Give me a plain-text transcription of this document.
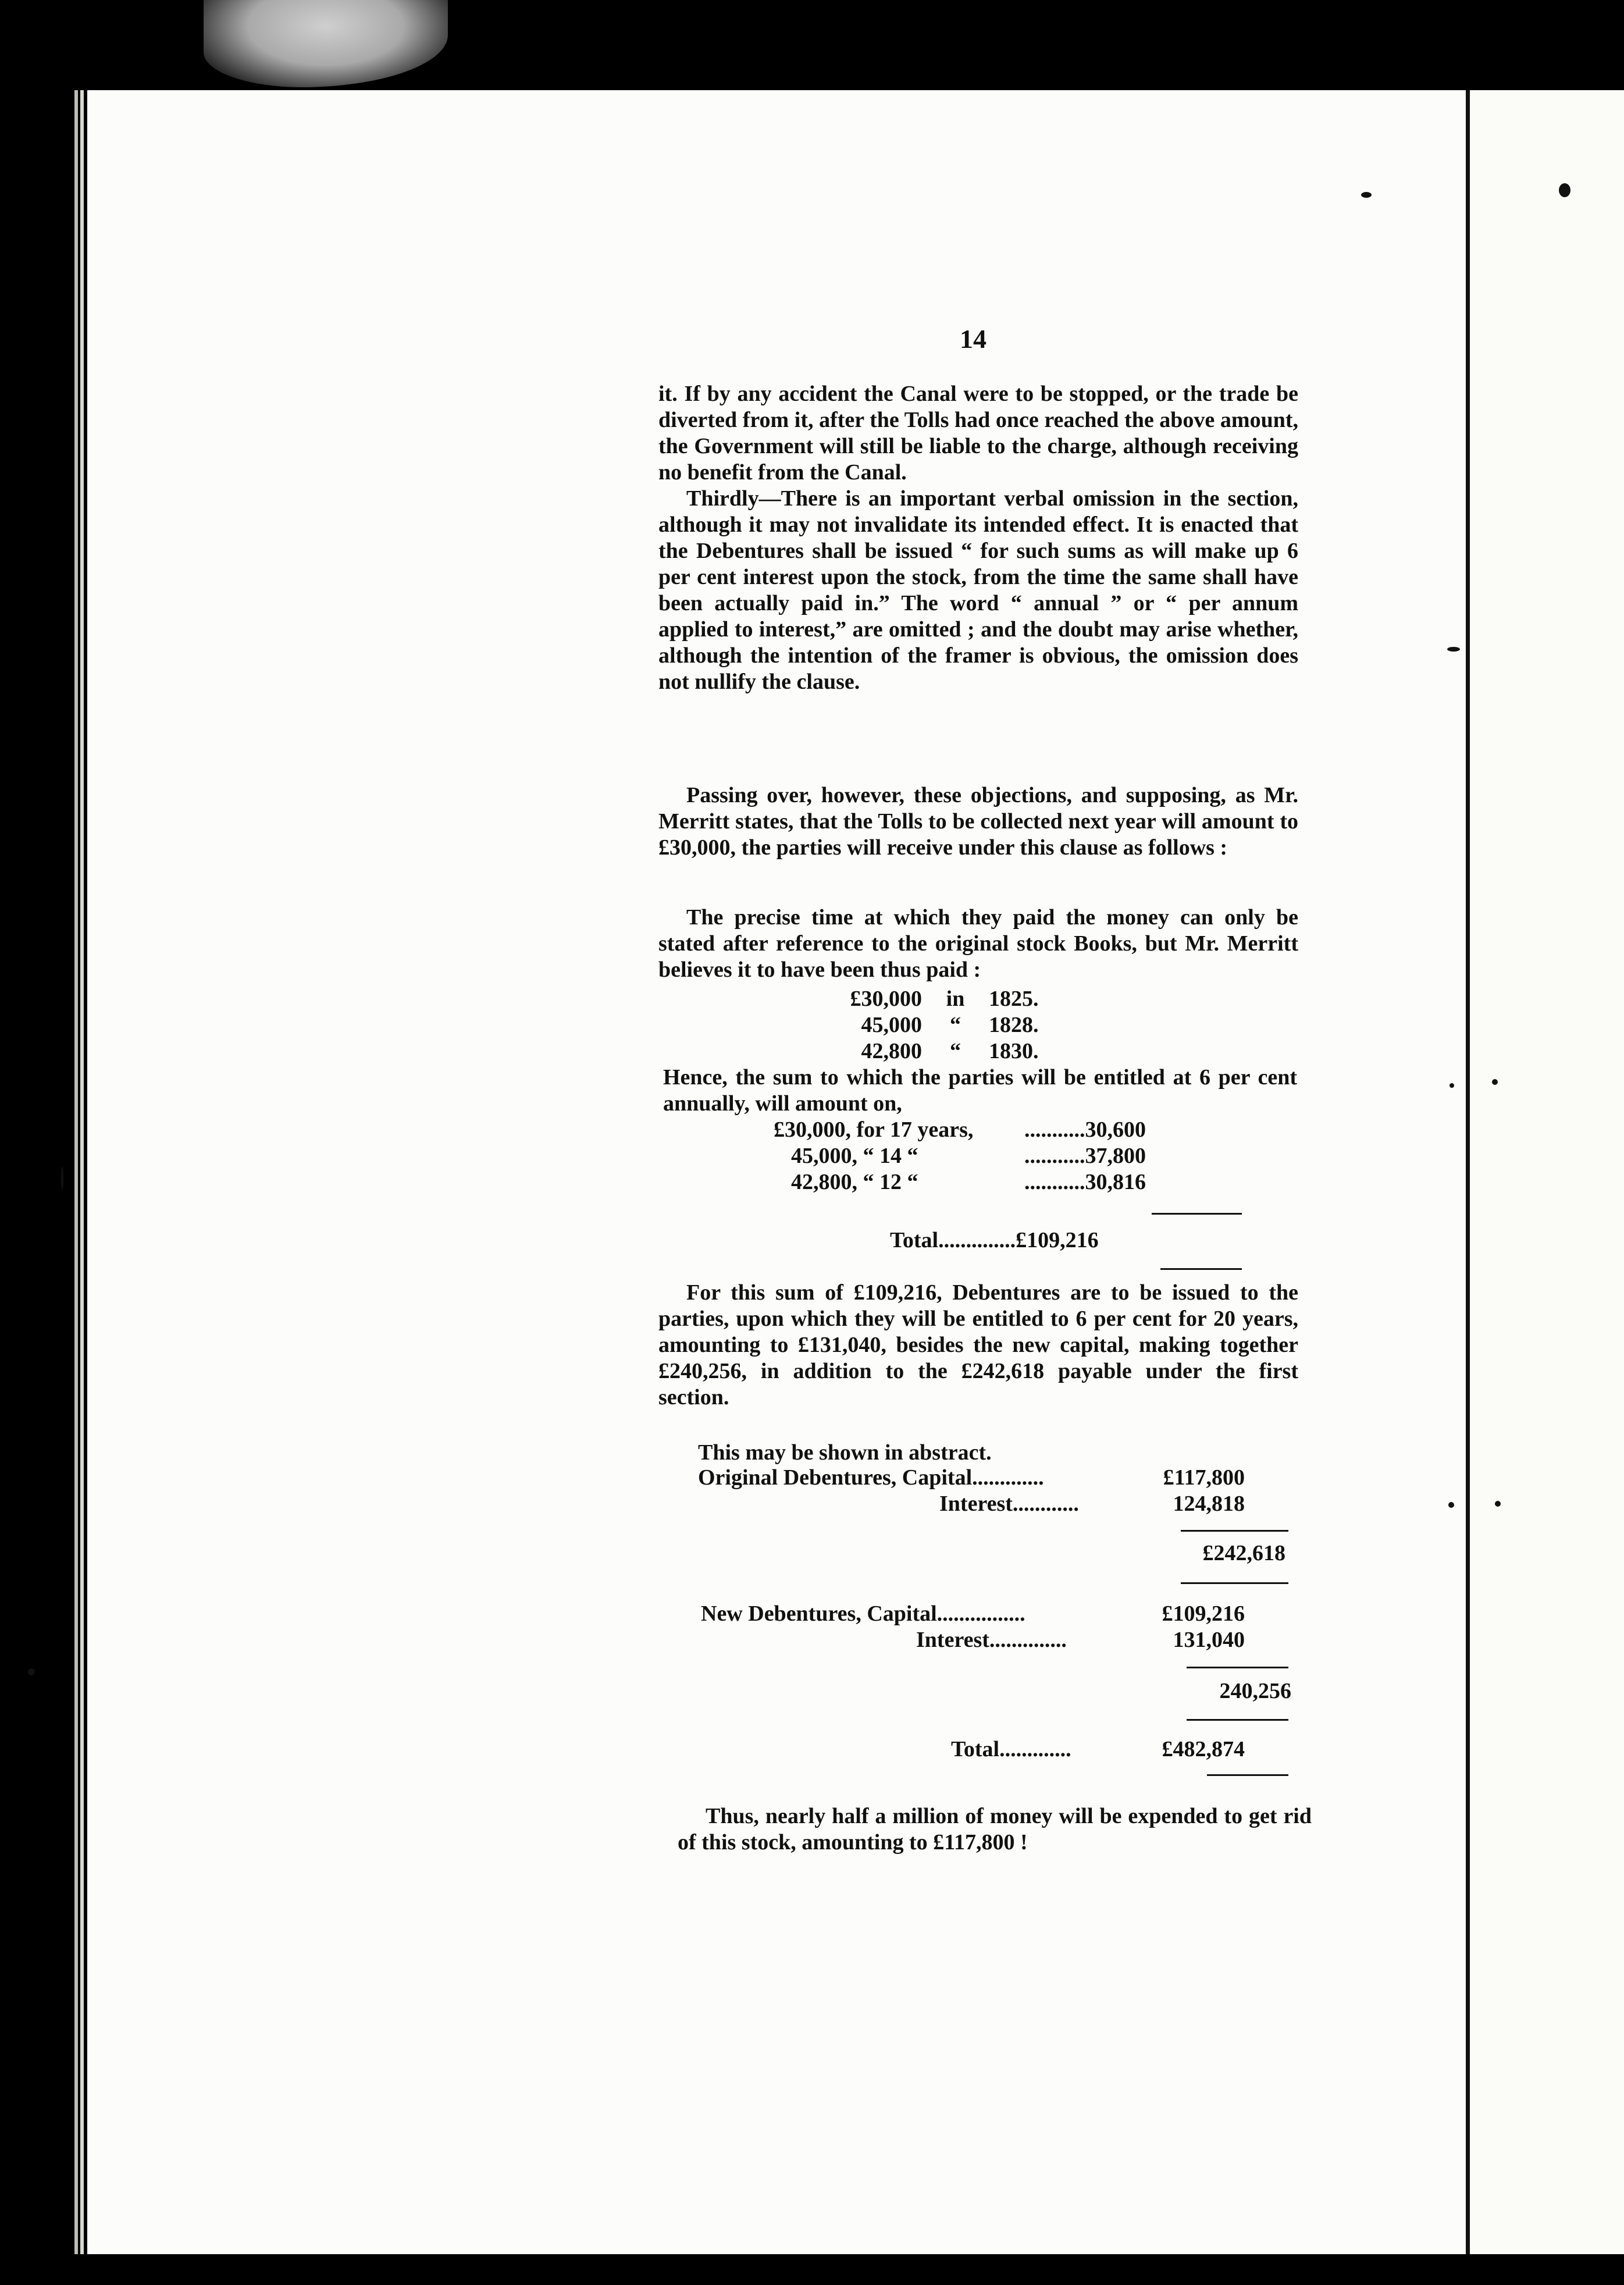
14

it. If by any accident the Canal were to be stopped, or the trade be diverted from it, after the Tolls had once reached the above amount, the Government will still be liable to the charge, although receiving no benefit from the Canal.

Thirdly—There is an important verbal omission in the section, although it may not invalidate its intended effect. It is enacted that the Debentures shall be issued “ for such sums as will make up 6 per cent interest upon the stock, from the time the same shall have been actually paid in.” The word “ annual ” or “ per annum applied to interest,” are omitted ; and the doubt may arise whether, although the intention of the framer is obvious, the omission does not nullify the clause.

Passing over, however, these objections, and supposing, as Mr. Merritt states, that the Tolls to be collected next year will amount to £30,000, the parties will receive under this clause as follows :

The precise time at which they paid the money can only be stated after reference to the original stock Books, but Mr. Merritt believes it to have been thus paid :

£30,000	in	1825.
45,000	“	1828.
42,800	“	1830.
Hence, the sum to which the parties will be entitled at 6 per cent annually, will amount on,
£30,000, for 17 years,	...........30,600
45,000, “ 14 “	...........37,800
42,800, “ 12 “	...........30,816
Total..............£109,216

For this sum of £109,216, Debentures are to be issued to the parties, upon which they will be entitled to 6 per cent for 20 years, amounting to £131,040, besides the new capital, making together £240,256, in addition to the £242,618 payable under the first section.

This may be shown in abstract.
Original Debentures, Capital.............	£117,800
Interest............	124,818
£242,618
New Debentures, Capital................	£109,216
Interest..............	131,040
240,256
Total.............	£482,874

Thus, nearly half a million of money will be expended to get rid of this stock, amounting to £117,800 !
